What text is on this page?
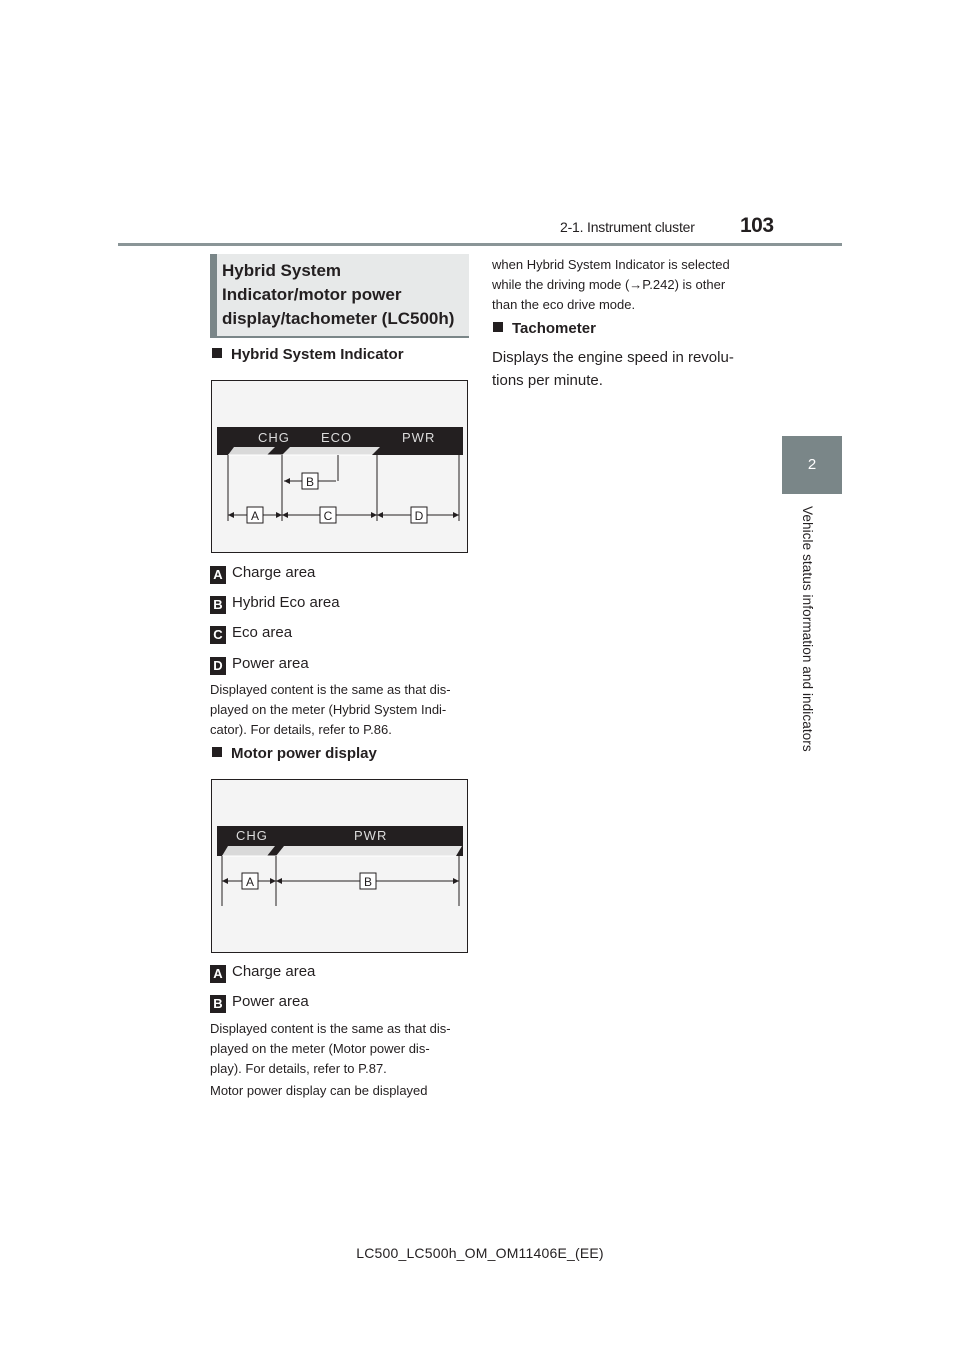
2-1. Instrument cluster 103
2
Vehicle status information and indicators
Hybrid System Indicator/motor power display/tachometer (LC500h)
Hybrid System Indicator
CHG ECO	PWR
B
A	C	D
A Charge area
B Hybrid Eco area
C Eco area
D Power area
Displayed content is the same as that dis-
played on the meter (Hybrid System Indi-
cator). For details, refer to P.86.
Motor power display
CHG	PWR
A	B
A Charge area
B Power area
Displayed content is the same as that dis-
played on the meter (Motor power dis-
play). For details, refer to P.87.
Motor power display can be displayed
when Hybrid System Indicator is selected
while the driving mode (→P.242) is other
than the eco drive mode.
Tachometer
Displays the engine speed in revolu-
tions per minute.
LC500_LC500h_OM_OM11406E_(EE)
